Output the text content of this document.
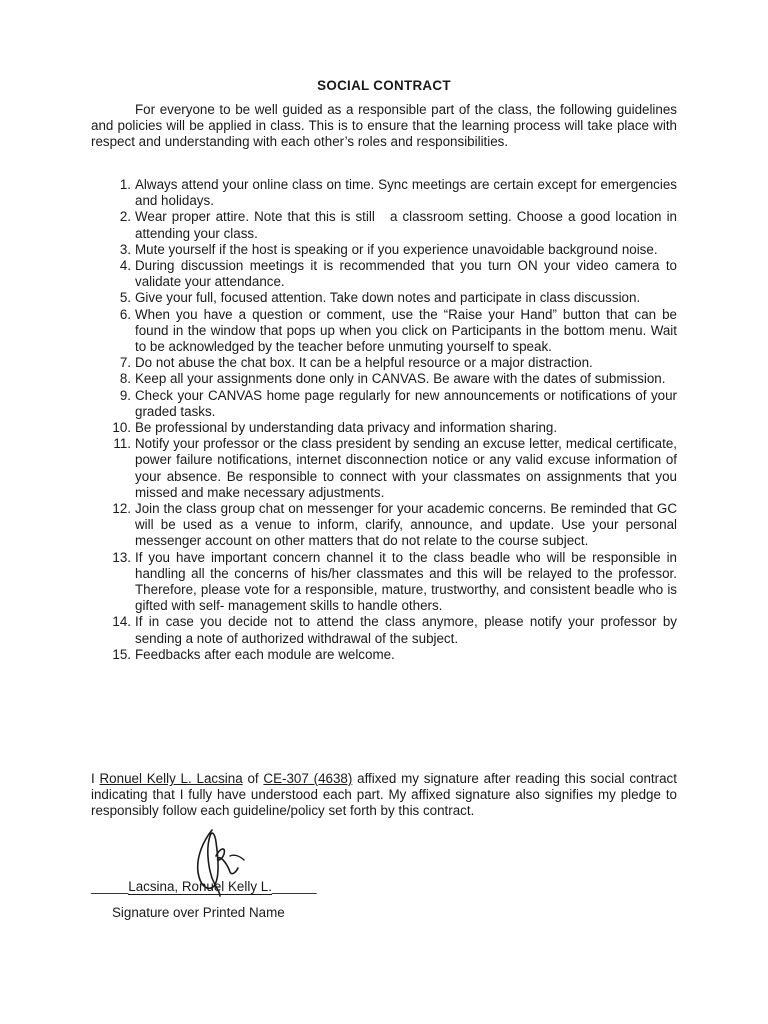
SOCIAL CONTRACT

For everyone to be well guided as a responsible part of the class, the following guidelines and policies will be applied in class. This is to ensure that the learning process will take place with respect and understanding with each other’s roles and responsibilities.

1. Always attend your online class on time. Sync meetings are certain except for emergencies and holidays.
2. Wear proper attire. Note that this is still   a classroom setting. Choose a good location in attending your class.
3. Mute yourself if the host is speaking or if you experience unavoidable background noise.
4. During discussion meetings it is recommended that you turn ON your video camera to validate your attendance.
5. Give your full, focused attention. Take down notes and participate in class discussion.
6. When you have a question or comment, use the “Raise your Hand” button that can be found in the window that pops up when you click on Participants in the bottom menu. Wait to be acknowledged by the teacher before unmuting yourself to speak.
7. Do not abuse the chat box. It can be a helpful resource or a major distraction.
8. Keep all your assignments done only in CANVAS. Be aware with the dates of submission.
9. Check your CANVAS home page regularly for new announcements or notifications of your graded tasks.
10. Be professional by understanding data privacy and information sharing.
11. Notify your professor or the class president by sending an excuse letter, medical certificate, power failure notifications, internet disconnection notice or any valid excuse information of your absence. Be responsible to connect with your classmates on assignments that you missed and make necessary adjustments.
12. Join the class group chat on messenger for your academic concerns. Be reminded that GC will be used as a venue to inform, clarify, announce, and update. Use your personal messenger account on other matters that do not relate to the course subject.
13. If you have important concern channel it to the class beadle who will be responsible in handling all the concerns of his/her classmates and this will be relayed to the professor. Therefore, please vote for a responsible, mature, trustworthy, and consistent beadle who is gifted with self- management skills to handle others.
14. If in case you decide not to attend the class anymore, please notify your professor by sending a note of authorized withdrawal of the subject.
15. Feedbacks after each module are welcome.

I Ronuel Kelly L. Lacsina of CE-307 (4638) affixed my signature after reading this social contract indicating that I fully have understood each part. My affixed signature also signifies my pledge to responsibly follow each guideline/policy set forth by this contract.

_____Lacsina, Ronuel Kelly L.______
Signature over Printed Name
